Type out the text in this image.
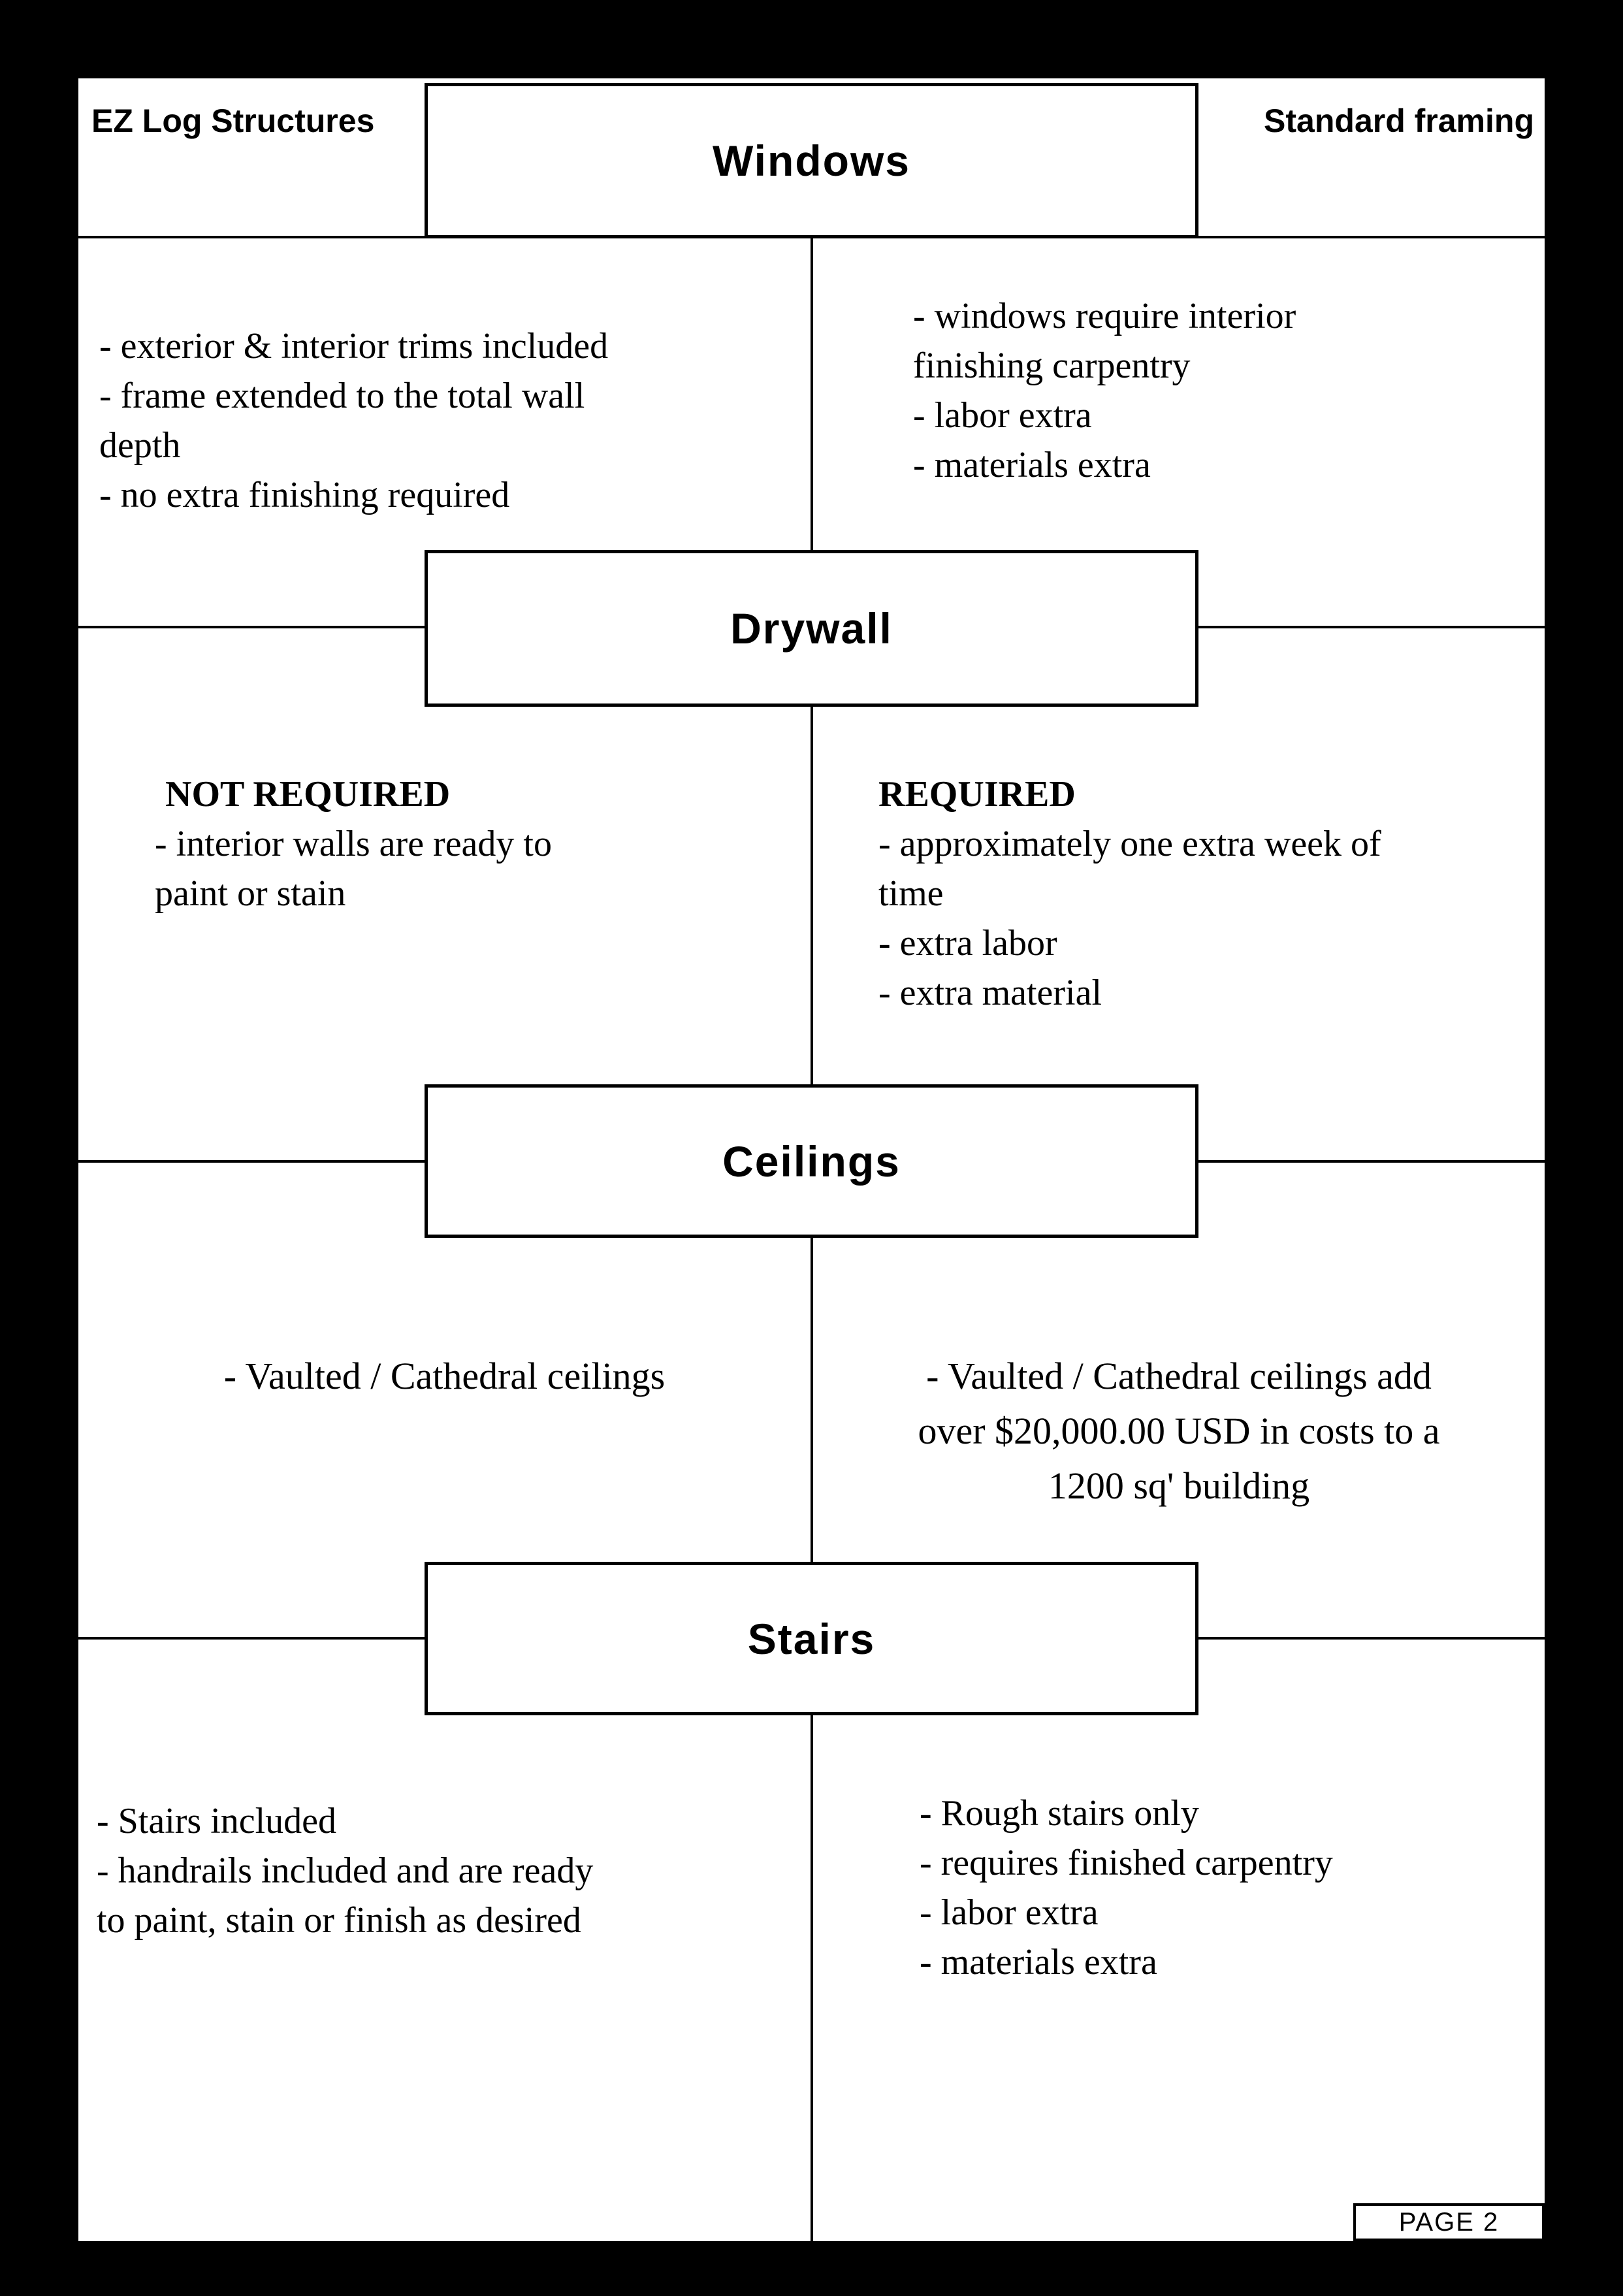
EZ Log Structures	Standard framing
Windows
Drywall
Ceilings
Stairs
- exterior & interior trims included
- frame extended to the total wall
depth
- no extra finishing required
- windows require interior
finishing carpentry
- labor extra
- materials extra
NOT REQUIRED
- interior walls are ready to
paint or stain
REQUIRED
- approximately one extra week of
time
- extra labor
- extra material
- Vaulted / Cathedral ceilings	- Vaulted / Cathedral ceilings add
over $20,000.00 USD in costs to a
1200 sq' building
- Stairs included
- handrails included and are ready
to paint, stain or finish as desired
- Rough stairs only
- requires finished carpentry
- labor extra
- materials extra
PAGE 2
